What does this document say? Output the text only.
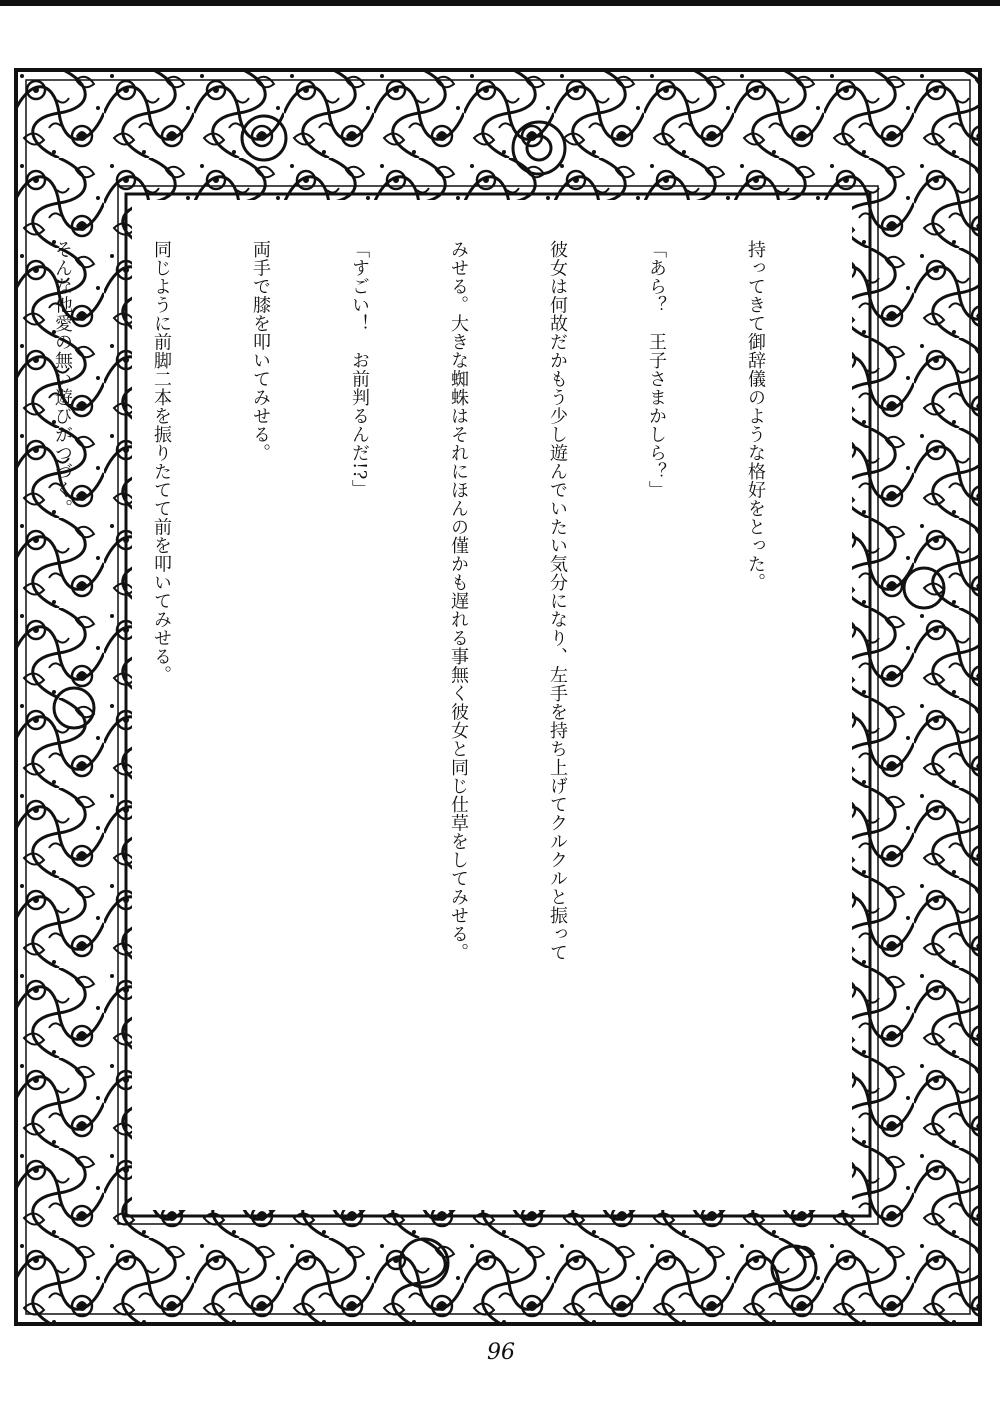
持ってきて御辞儀のような格好をとった。

「あら？　王子さまかしら？」

彼女は何故だかもう少し遊んでいたい気分になり、左手を持ち上げてクルクルと振って

みせる。大きな蜘蛛はそれにほんの僅かも遅れる事無く彼女と同じ仕草をしてみせる。

「すごい！　お前判るんだ!?」

両手で膝を叩いてみせる。

同じように前脚二本を振りたてて前を叩いてみせる。

そんな他愛の無い遊びがつづく。

96
